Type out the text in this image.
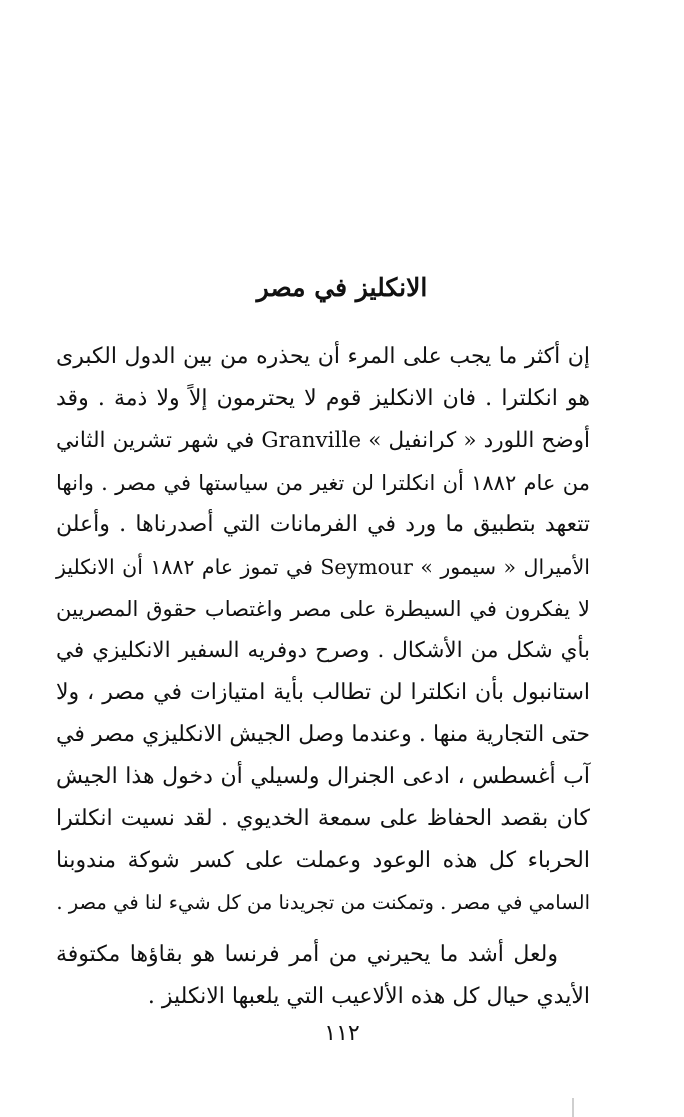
الانكليز في مصر
إن أكثر ما يجب على المرء أن يحذره من بين الدول الكبرى
هو انكلترا . فان الانكليز قوم لا يحترمون إلاً ولا ذمة . وقد
أوضح اللورد « كرانفيل » Granville في شهر تشرين الثاني
من عام ١٨٨٢ أن انكلترا لن تغير من سياستها في مصر . وانها
تتعهد بتطبيق ما ورد في الفرمانات التي أصدرناها . وأعلن
الأميرال « سيمور » Seymour في تموز عام ١٨٨٢ أن الانكليز
لا يفكرون في السيطرة على مصر واغتصاب حقوق المصريين
بأي شكل من الأشكال . وصرح دوفريه السفير الانكليزي في
استانبول بأن انكلترا لن تطالب بأية امتيازات في مصر ، ولا
حتى التجارية منها . وعندما وصل الجيش الانكليزي مصر في
آب أغسطس ، ادعى الجنرال ولسيلي أن دخول هذا الجيش
كان بقصد الحفاظ على سمعة الخديوي . لقد نسيت انكلترا
الحرباء كل هذه الوعود وعملت على كسر شوكة مندوبنا
السامي في مصر . وتمكنت من تجريدنا من كل شيء لنا في مصر .
ولعل أشد ما يحيرني من أمر فرنسا هو بقاؤها مكتوفة
الأيدي حيال كل هذه الألاعيب التي يلعبها الانكليز .
١١٢
